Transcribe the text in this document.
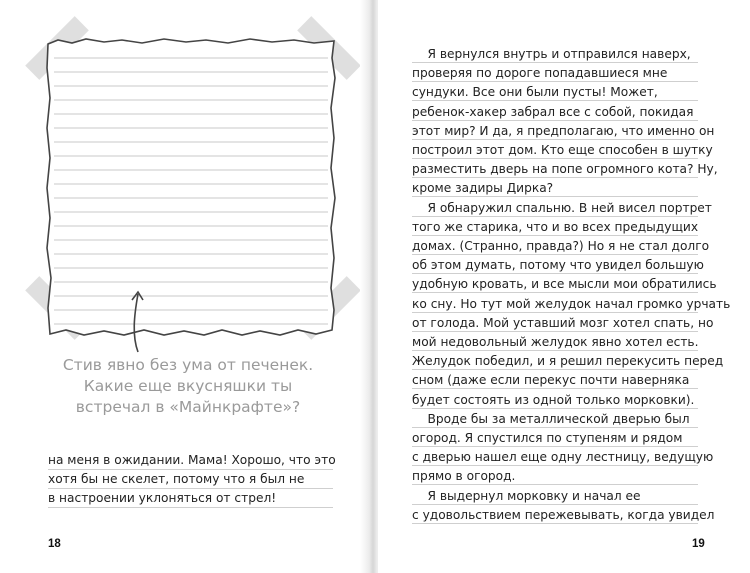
Стив явно без ума от печенек.
Какие еще вкусняшки ты
встречал в «Майнкрафте»?
на меня в ожидании. Мама! Хорошо, что это
хотя бы не скелет, потому что я был не
в настроении уклоняться от стрел!
18
Я вернулся внутрь и отправился наверх,
проверяя по дороге попадавшиеся мне
сундуки. Все они были пусты! Может,
ребенок-хакер забрал все с собой, покидая
этот мир? И да, я предполагаю, что именно он
построил этот дом. Кто еще способен в шутку
разместить дверь на попе огромного кота? Ну,
кроме задиры Дирка?
Я обнаружил спальню. В ней висел портрет
того же старика, что и во всех предыдущих
домах. (Странно, правда?) Но я не стал долго
об этом думать, потому что увидел большую
удобную кровать, и все мысли мои обратились
ко сну. Но тут мой желудок начал громко урчать
от голода. Мой уставший мозг хотел спать, но
мой недовольный желудок явно хотел есть.
Желудок победил, и я решил перекусить перед
сном (даже если перекус почти наверняка
будет состоять из одной только морковки).
Вроде бы за металлической дверью был
огород. Я спустился по ступеням и рядом
с дверью нашел еще одну лестницу, ведущую
прямо в огород.
Я выдернул морковку и начал ее
с удовольствием пережевывать, когда увидел
19
